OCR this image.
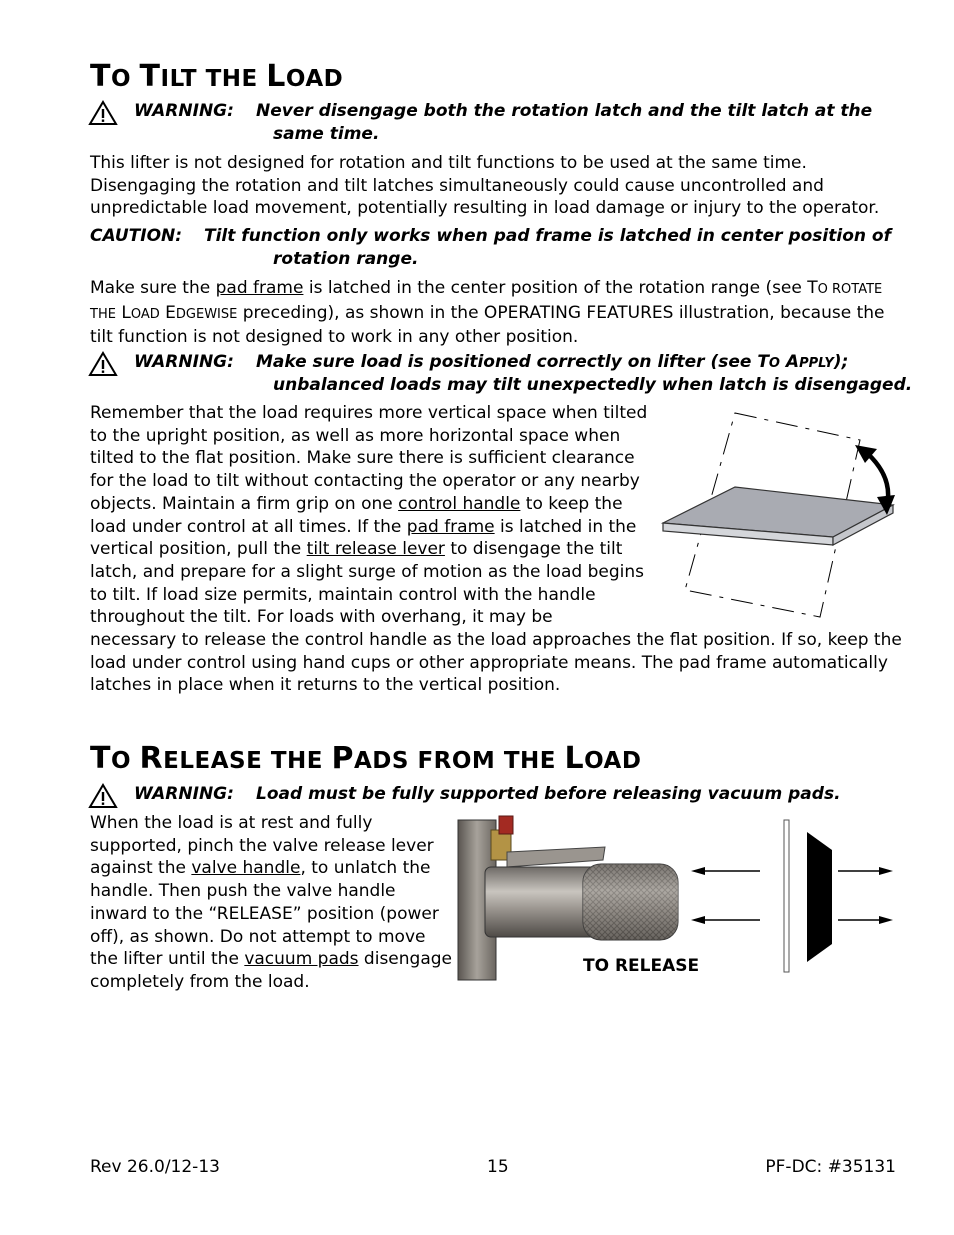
TO TILT THE LOAD
WARNING: Never disengage both the rotation latch and the tilt latch at the
same time.
This lifter is not designed for rotation and tilt functions to be used at the same time.
Disengaging the rotation and tilt latches simultaneously could cause uncontrolled and
unpredictable load movement, potentially resulting in load damage or injury to the operator.
CAUTION: Tilt function only works when pad frame is latched in center position of
rotation range.
Make sure the pad frame is latched in the center position of the rotation range (see TO ROTATE
THE LOAD EDGEWISE preceding), as shown in the OPERATING FEATURES illustration, because the
tilt function is not designed to work in any other position.
WARNING: Make sure load is positioned correctly on lifter (see TO APPLY);
unbalanced loads may tilt unexpectedly when latch is disengaged.
Remember that the load requires more vertical space when tilted
to the upright position, as well as more horizontal space when
tilted to the flat position. Make sure there is sufficient clearance
for the load to tilt without contacting the operator or any nearby
objects. Maintain a firm grip on one control handle to keep the
load under control at all times. If the pad frame is latched in the
vertical position, pull the tilt release lever to disengage the tilt
latch, and prepare for a slight surge of motion as the load begins
to tilt. If load size permits, maintain control with the handle
throughout the tilt. For loads with overhang, it may be
necessary to release the control handle as the load approaches the flat position. If so, keep the
load under control using hand cups or other appropriate means. The pad frame automatically
latches in place when it returns to the vertical position.
TO RELEASE THE PADS FROM THE LOAD
WARNING: Load must be fully supported before releasing vacuum pads.
When the load is at rest and fully
supported, pinch the valve release lever
against the valve handle, to unlatch the
handle. Then push the valve handle
inward to the “RELEASE” position (power
off), as shown. Do not attempt to move
the lifter until the vacuum pads disengage
completely from the load.
TO RELEASE
Rev 26.0/12-13	15	PF-DC: #35131
